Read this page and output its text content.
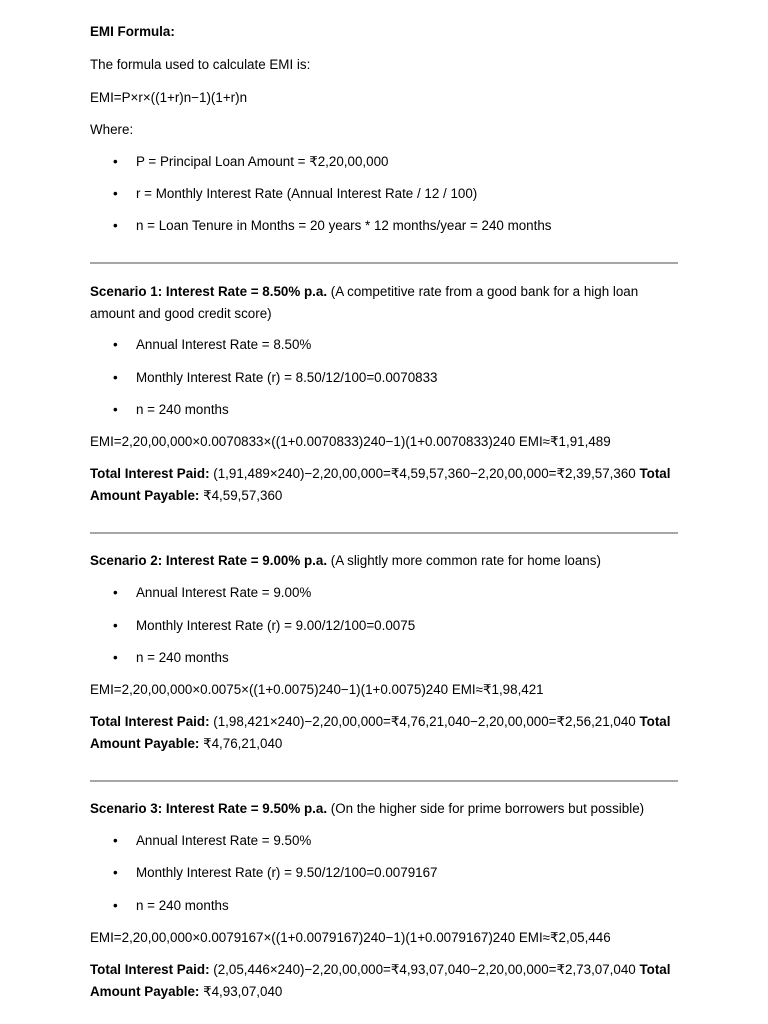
EMI Formula:

The formula used to calculate EMI is:

EMI=P×r×((1+r)n−1)(1+r)n

Where:

• P = Principal Loan Amount = ₹2,20,00,000
• r = Monthly Interest Rate (Annual Interest Rate / 12 / 100)
• n = Loan Tenure in Months = 20 years * 12 months/year = 240 months

Scenario 1: Interest Rate = 8.50% p.a. (A competitive rate from a good bank for a high loan amount and good credit score)

• Annual Interest Rate = 8.50%
• Monthly Interest Rate (r) = 8.50/12/100=0.0070833
• n = 240 months

EMI=2,20,00,000×0.0070833×((1+0.0070833)240−1)(1+0.0070833)240 EMI≈₹1,91,489

Total Interest Paid: (1,91,489×240)−2,20,00,000=₹4,59,57,360−2,20,00,000=₹2,39,57,360 Total Amount Payable: ₹4,59,57,360

Scenario 2: Interest Rate = 9.00% p.a. (A slightly more common rate for home loans)

• Annual Interest Rate = 9.00%
• Monthly Interest Rate (r) = 9.00/12/100=0.0075
• n = 240 months

EMI=2,20,00,000×0.0075×((1+0.0075)240−1)(1+0.0075)240 EMI≈₹1,98,421

Total Interest Paid: (1,98,421×240)−2,20,00,000=₹4,76,21,040−2,20,00,000=₹2,56,21,040 Total Amount Payable: ₹4,76,21,040

Scenario 3: Interest Rate = 9.50% p.a. (On the higher side for prime borrowers but possible)

• Annual Interest Rate = 9.50%
• Monthly Interest Rate (r) = 9.50/12/100=0.0079167
• n = 240 months

EMI=2,20,00,000×0.0079167×((1+0.0079167)240−1)(1+0.0079167)240 EMI≈₹2,05,446

Total Interest Paid: (2,05,446×240)−2,20,00,000=₹4,93,07,040−2,20,00,000=₹2,73,07,040 Total Amount Payable: ₹4,93,07,040
